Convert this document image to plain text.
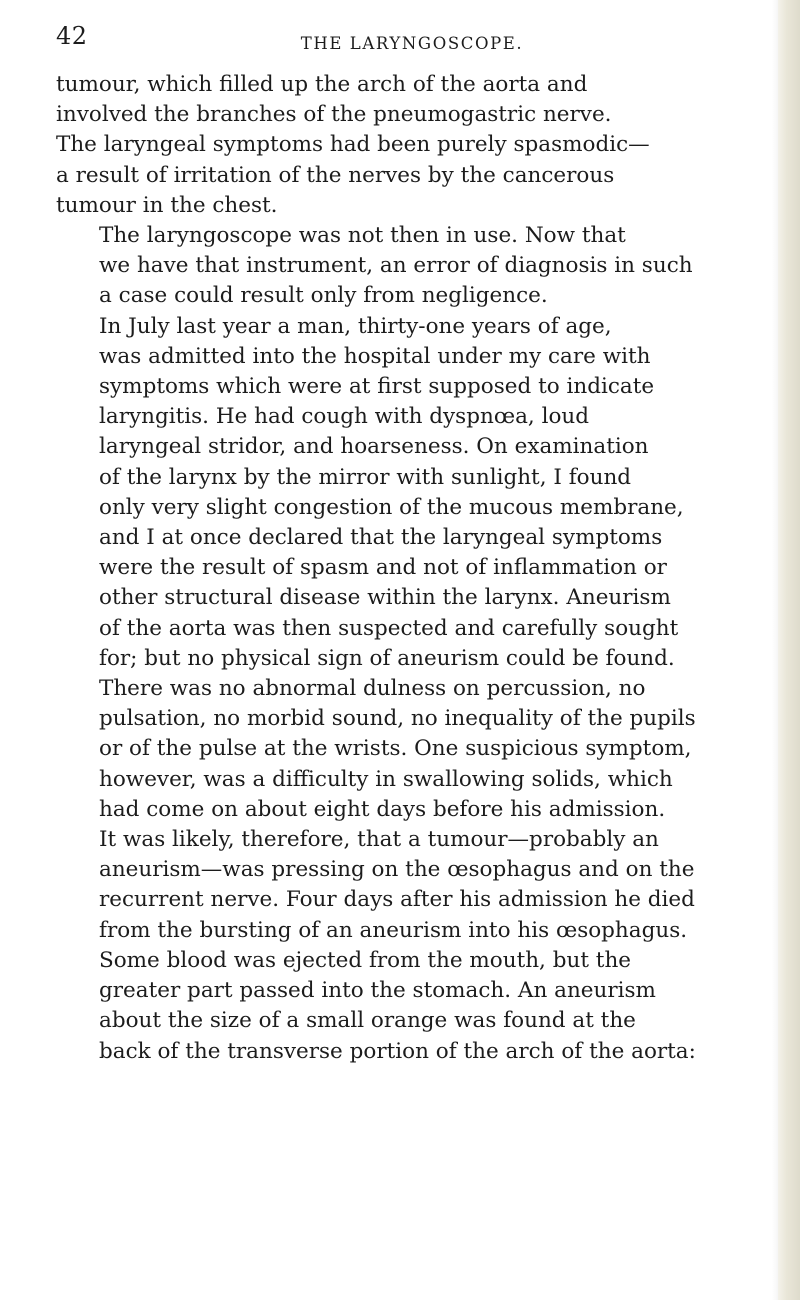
42	THE LARYNGOSCOPE.

tumour, which filled up the arch of the aorta and
involved the branches of the pneumogastric nerve.
The laryngeal symptoms had been purely spasmodic—
a result of irritation of the nerves by the cancerous
tumour in the chest.

The laryngoscope was not then in use. Now that
we have that instrument, an error of diagnosis in such
a case could result only from negligence.

In July last year a man, thirty-one years of age,
was admitted into the hospital under my care with
symptoms which were at first supposed to indicate
laryngitis. He had cough with dyspnœa, loud
laryngeal stridor, and hoarseness. On examination
of the larynx by the mirror with sunlight, I found
only very slight congestion of the mucous membrane,
and I at once declared that the laryngeal symptoms
were the result of spasm and not of inflammation or
other structural disease within the larynx. Aneurism
of the aorta was then suspected and carefully sought
for; but no physical sign of aneurism could be found.
There was no abnormal dulness on percussion, no
pulsation, no morbid sound, no inequality of the pupils
or of the pulse at the wrists. One suspicious symptom,
however, was a difficulty in swallowing solids, which
had come on about eight days before his admission.
It was likely, therefore, that a tumour—probably an
aneurism—was pressing on the œsophagus and on the
recurrent nerve. Four days after his admission he died
from the bursting of an aneurism into his œsophagus.
Some blood was ejected from the mouth, but the
greater part passed into the stomach. An aneurism
about the size of a small orange was found at the
back of the transverse portion of the arch of the aorta:
